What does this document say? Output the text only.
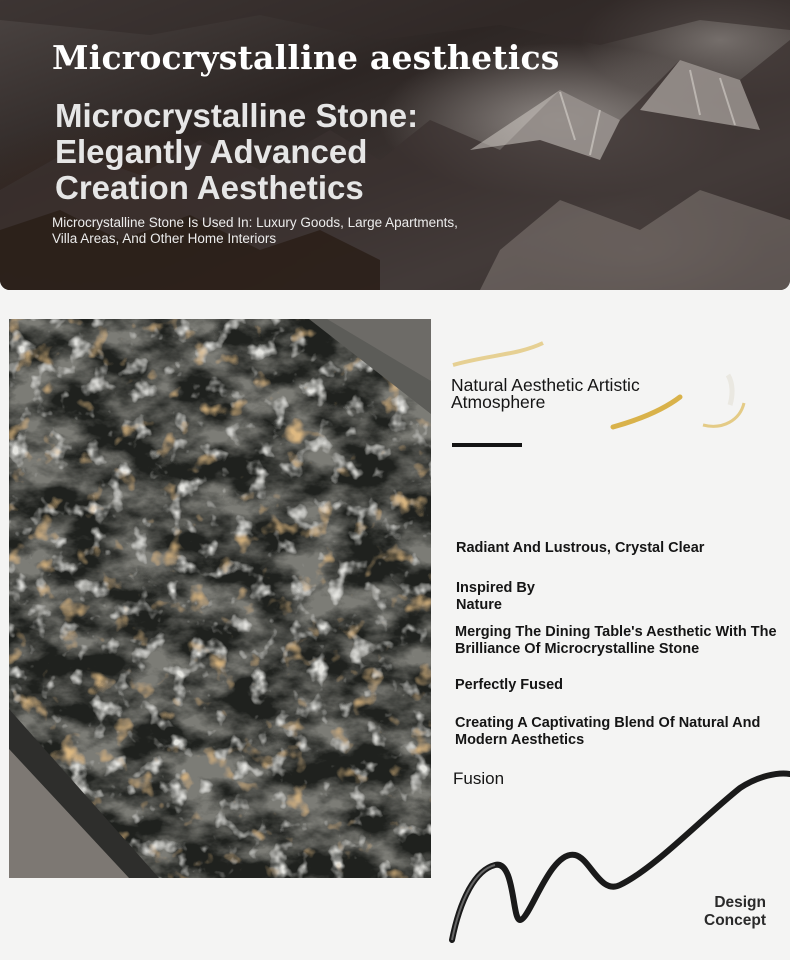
Microcrystalline aesthetics
Microcrystalline Stone:
Elegantly Advanced
Creation Aesthetics

Microcrystalline Stone Is Used In: Luxury Goods, Large Apartments,
Villa Areas, And Other Home Interiors

Natural Aesthetic Artistic
Atmosphere
Radiant And Lustrous, Crystal Clear
Inspired By
Nature
Merging The Dining Table's Aesthetic With The
Brilliance Of Microcrystalline Stone
Perfectly Fused
Creating A Captivating Blend Of Natural And
Modern Aesthetics
Fusion
Design
Concept
